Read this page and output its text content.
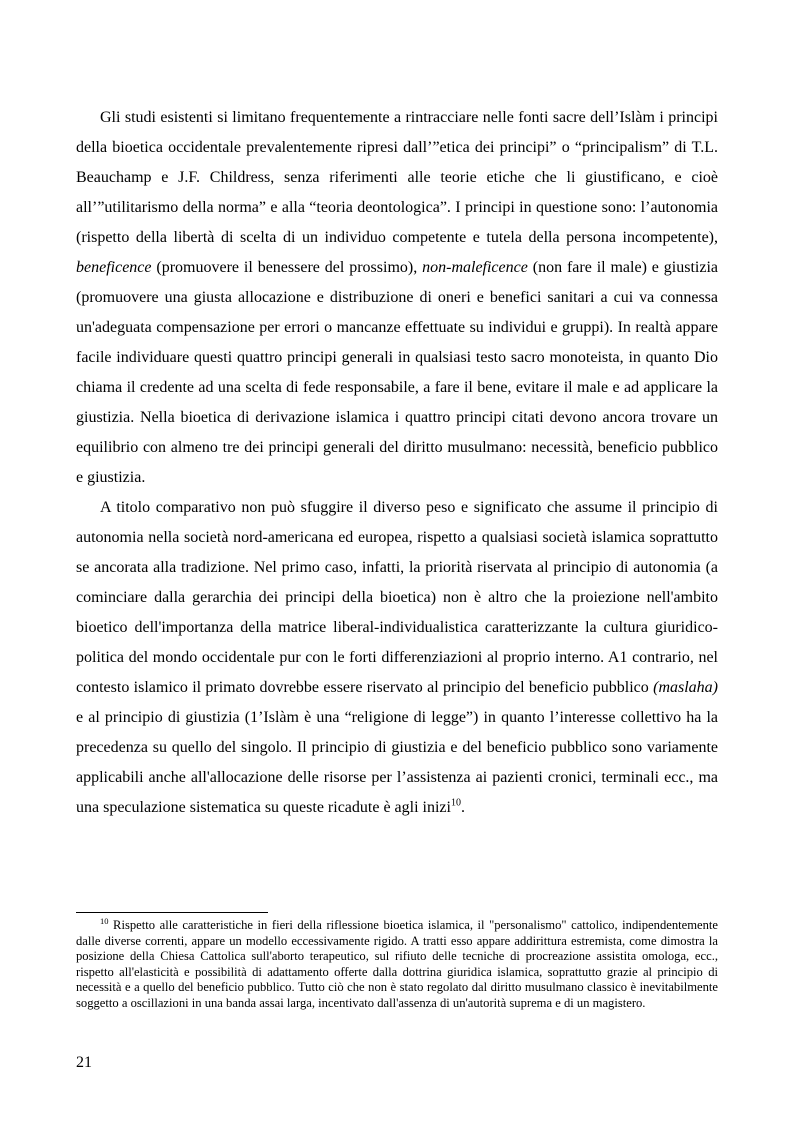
Gli studi esistenti si limitano frequentemente a rintracciare nelle fonti sacre dell’Islàm i principi della bioetica occidentale prevalentemente ripresi dall’”etica dei principi” o “principalism” di T.L. Beauchamp e J.F. Childress, senza riferimenti alle teorie etiche che li giustificano, e cioè all’”utilitarismo della norma” e alla “teoria deontologica”. I principi in questione sono: l’autonomia (rispetto della libertà di scelta di un individuo competente e tutela della persona incompetente), beneficence (promuovere il benessere del prossimo), non-maleficence (non fare il male) e giustizia (promuovere una giusta allocazione e distribuzione di oneri e benefici sanitari a cui va connessa un'adeguata compensazione per errori o mancanze effettuate su individui e gruppi). In realtà appare facile individuare questi quattro principi generali in qualsiasi testo sacro monoteista, in quanto Dio chiama il credente ad una scelta di fede responsabile, a fare il bene, evitare il male e ad applicare la giustizia. Nella bioetica di derivazione islamica i quattro principi citati devono ancora trovare un equilibrio con almeno tre dei principi generali del diritto musulmano: necessità, beneficio pubblico e giustizia.

A titolo comparativo non può sfuggire il diverso peso e significato che assume il principio di autonomia nella società nord-americana ed europea, rispetto a qualsiasi società islamica soprattutto se ancorata alla tradizione. Nel primo caso, infatti, la priorità riservata al principio di autonomia (a cominciare dalla gerarchia dei principi della bioetica) non è altro che la proiezione nell'ambito bioetico dell'importanza della matrice liberal-individualistica caratterizzante la cultura giuridico-politica del mondo occidentale pur con le forti differenziazioni al proprio interno. A1 contrario, nel contesto islamico il primato dovrebbe essere riservato al principio del beneficio pubblico (maslaha) e al principio di giustizia (1’Islàm è una “religione di legge”) in quanto l’interesse collettivo ha la precedenza su quello del singolo. Il principio di giustizia e del beneficio pubblico sono variamente applicabili anche all'allocazione delle risorse per l’assistenza ai pazienti cronici, terminali ecc., ma una speculazione sistematica su queste ricadute è agli inizi$^{10}$.

$^{10}$ Rispetto alle caratteristiche in fieri della riflessione bioetica islamica, il "personalismo" cattolico, indipendentemente dalle diverse correnti, appare un modello eccessivamente rigido. A tratti esso appare addirittura estremista, come dimostra la posizione della Chiesa Cattolica sull'aborto terapeutico, sul rifiuto delle tecniche di procreazione assistita omologa, ecc., rispetto all'elasticità e possibilità di adattamento offerte dalla dottrina giuridica islamica, soprattutto grazie al principio di necessità e a quello del beneficio pubblico. Tutto ciò che non è stato regolato dal diritto musulmano classico è inevitabilmente soggetto a oscillazioni in una banda assai larga, incentivato dall'assenza di un'autorità suprema e di un magistero.

21
